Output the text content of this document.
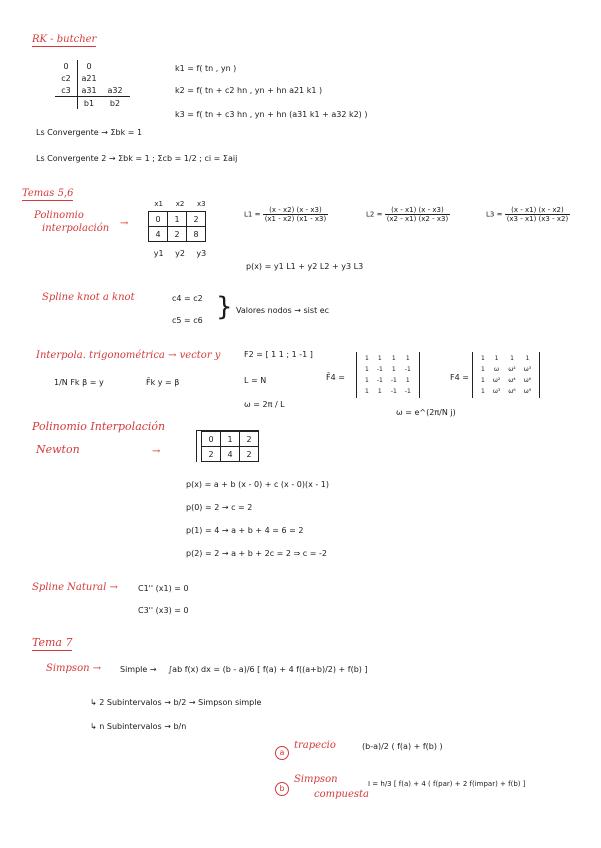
RK - butcher
0	0	
c2	a21	
c3	a31	a32
	b1	b2
k1 = f( tn , yn )
k2 = f( tn + c2 hn , yn + hn a21 k1 )
k3 = f( tn + c3 hn , yn + hn (a31 k1 + a32 k2) )
Ls Convergente → Σbk = 1
Ls Convergente 2 → Σbk = 1 ; Σcb = 1/2 ; ci = Σaij
Temas 5,6
Polinomio
interpolación →
x1 x2 x3
0	1	2
4	2	8
y1 y2 y3
$L1 = \frac{(x - x2) (x - x3)}{(x1 - x2) (x1 - x3)}$	$L2 = \frac{(x - x1) (x - x3)}{(x2 - x1) (x2 - x3)}$	$L3 = \frac{(x - x1) (x - x2)}{(x3 - x1) (x3 - x2)}$
p(x) = y1 L1 + y2 L2 + y3 L3
Spline knot a knot	c4 = c2
c5 = c6 } Valores nodos → sist ec
Interpola. trigonométrica → vector y
1/N Fk β = y	F̄k y = β
F2 = [ 1 1 ; 1 -1 ]
L = N
ω = 2π / L
F̄4 =
1	1	1	1
1	-1	1	-1
1	-1	-1	1
1	1	-1	-1
F4 =
1	1	1	1
1	ω	ω²	ω³
1	ω²	ω⁴	ω⁶
1	ω³	ω⁶	ω⁹
ω = e^(2π/N j)
Polinomio Interpolación
Newton	→
0	1	2
2	4	2
p(x) = a + b (x - 0) + c (x - 0)(x - 1)
p(0) = 2 → c = 2
p(1) = 4 → a + b + 4 = 6 = 2
p(2) = 2 → a + b + 2c = 2 ⇒ c = -2
Spline Natural →	C1'' (x1) = 0
C3'' (x3) = 0
Tema 7
Simpson → Simple → ∫ab f(x) dx = (b - a)/6 [ f(a) + 4 f((a+b)/2) + f(b) ]
↳ 2 Subintervalos → b/2 → Simpson simple
↳ n Subintervalos → b/n
a
trapecio	(b-a)/2 ( f(a) + f(b) )
b
Simpson
compuesta
I = h/3 [ f(a) + 4 ( f(par) + 2 f(impar) + f(b) ]
